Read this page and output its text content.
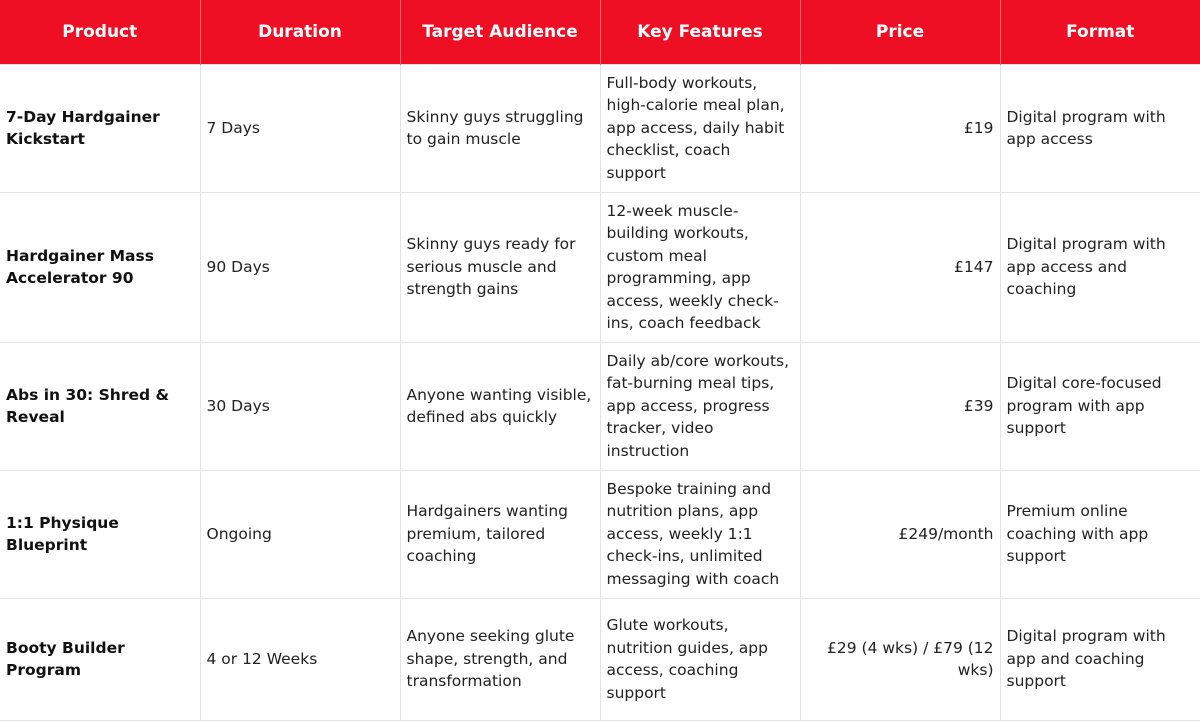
Product	Duration	Target Audience	Key Features	Price	Format
7-Day Hardgainer Kickstart	7 Days	Skinny guys struggling to gain muscle	Full-body workouts, high-calorie meal plan, app access, daily habit checklist, coach support	£19	Digital program with app access
Hardgainer Mass Accelerator 90	90 Days	Skinny guys ready for serious muscle and strength gains	12-week muscle-building workouts, custom meal programming, app access, weekly check-ins, coach feedback	£147	Digital program with app access and coaching
Abs in 30: Shred & Reveal	30 Days	Anyone wanting visible, defined abs quickly	Daily ab/core workouts, fat-burning meal tips, app access, progress tracker, video instruction	£39	Digital core-focused program with app support
1:1 Physique Blueprint	Ongoing	Hardgainers wanting premium, tailored coaching	Bespoke training and nutrition plans, app access, weekly 1:1 check-ins, unlimited messaging with coach	£249/month	Premium online coaching with app support
Booty Builder Program	4 or 12 Weeks	Anyone seeking glute shape, strength, and transformation	Glute workouts, nutrition guides, app access, coaching support	£29 (4 wks) / £79 (12 wks)	Digital program with app and coaching support
